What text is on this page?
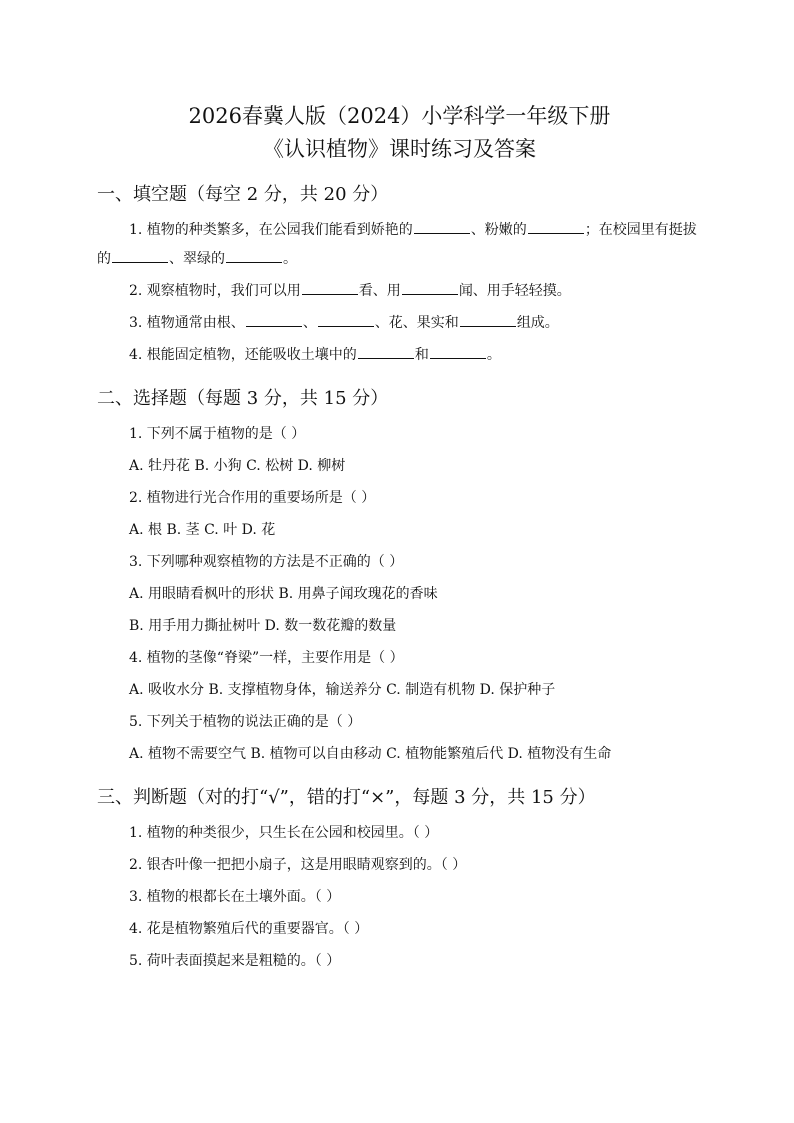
2026春冀人版（2024）小学科学一年级下册
《认识植物》课时练习及答案
一、填空题（每空 2 分，共 20 分）

1. 植物的种类繁多，在公园我们能看到娇艳的	、粉嫩的	；在校园里有挺拔的	、翠绿的	。

2. 观察植物时，我们可以用	看、用	闻、用手轻轻摸。

3. 植物通常由根、	、	、花、果实和	组成。

4. 根能固定植物，还能吸收土壤中的	和	。

二、选择题（每题 3 分，共 15 分）

1. 下列不属于植物的是（ ）

A. 牡丹花 B. 小狗 C. 松树 D. 柳树

2. 植物进行光合作用的重要场所是（ ）

A. 根 B. 茎 C. 叶 D. 花

3. 下列哪种观察植物的方法是不正确的（ ）

A. 用眼睛看枫叶的形状 B. 用鼻子闻玫瑰花的香味

B. 用手用力撕扯树叶 D. 数一数花瓣的数量

4. 植物的茎像“脊梁”一样，主要作用是（ ）

A. 吸收水分 B. 支撑植物身体，输送养分 C. 制造有机物 D. 保护种子

5. 下列关于植物的说法正确的是（ ）

A. 植物不需要空气 B. 植物可以自由移动 C. 植物能繁殖后代 D. 植物没有生命

三、判断题（对的打“√”，错的打“×”，每题 3 分，共 15 分）

1. 植物的种类很少，只生长在公园和校园里。（ ）

2. 银杏叶像一把把小扇子，这是用眼睛观察到的。（ ）

3. 植物的根都长在土壤外面。（ ）

4. 花是植物繁殖后代的重要器官。（ ）

5. 荷叶表面摸起来是粗糙的。（ ）
